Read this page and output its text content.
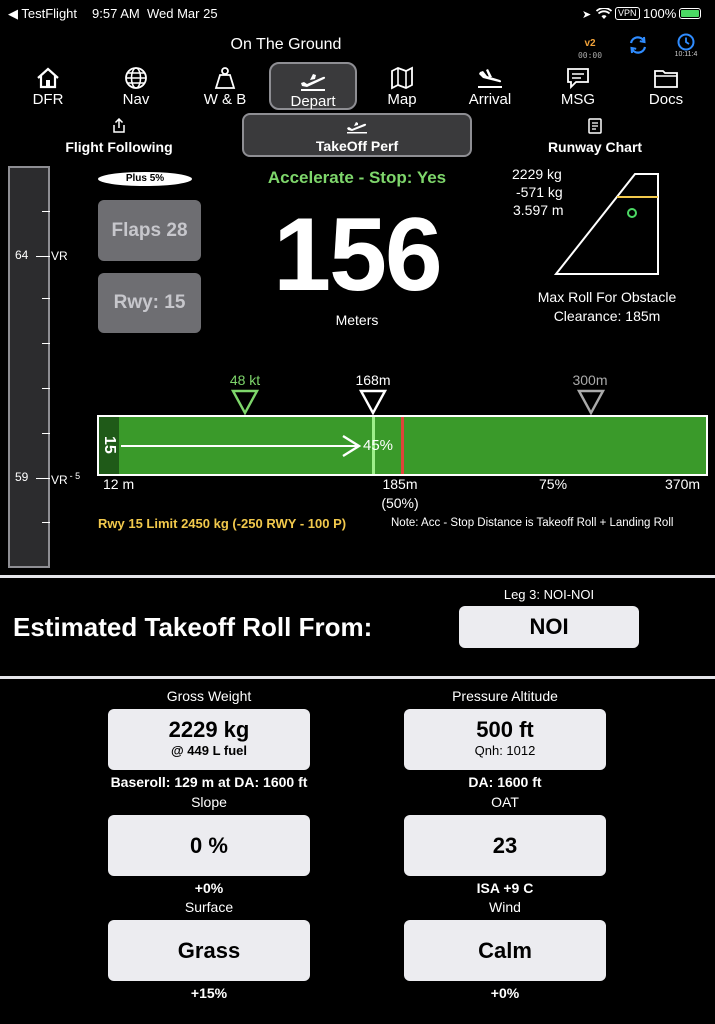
◀ TestFlight 9:57 AM Wed Mar 25	➤	VPN 100%
On The Ground	v2
00:00	10:11:4
DFR	Nav	W & B	Depart	Map	Arrival	MSG	Docs
Flight Following	TakeOff Perf	Runway Chart
64 VR
59 VR $^{- 5}$
Plus 5%
Flaps 28
Rwy: 15
Accelerate - Stop: Yes
156
Meters
2229 kg
-571 kg
3.597 m
Max Roll For Obstacle
Clearance: 185m
48 kt	168m	300m
15	45%
12 m	185m
(50%)
75%	370m
Rwy 15 Limit 2450 kg (-250 RWY - 100 P)	Note: Acc - Stop Distance is Takeoff Roll + Landing Roll
Estimated Takeoff Roll From:
Leg 3: NOI-NOI
NOI
Gross Weight
2229 kg
@ 449 L fuel
Baseroll: 129 m at DA: 1600 ft
Pressure Altitude
500 ft
Qnh: 1012
DA: 1600 ft
Slope
0 %
+0%
OAT
23
ISA +9 C
Surface
Grass
+15%
Wind
Calm
+0%
